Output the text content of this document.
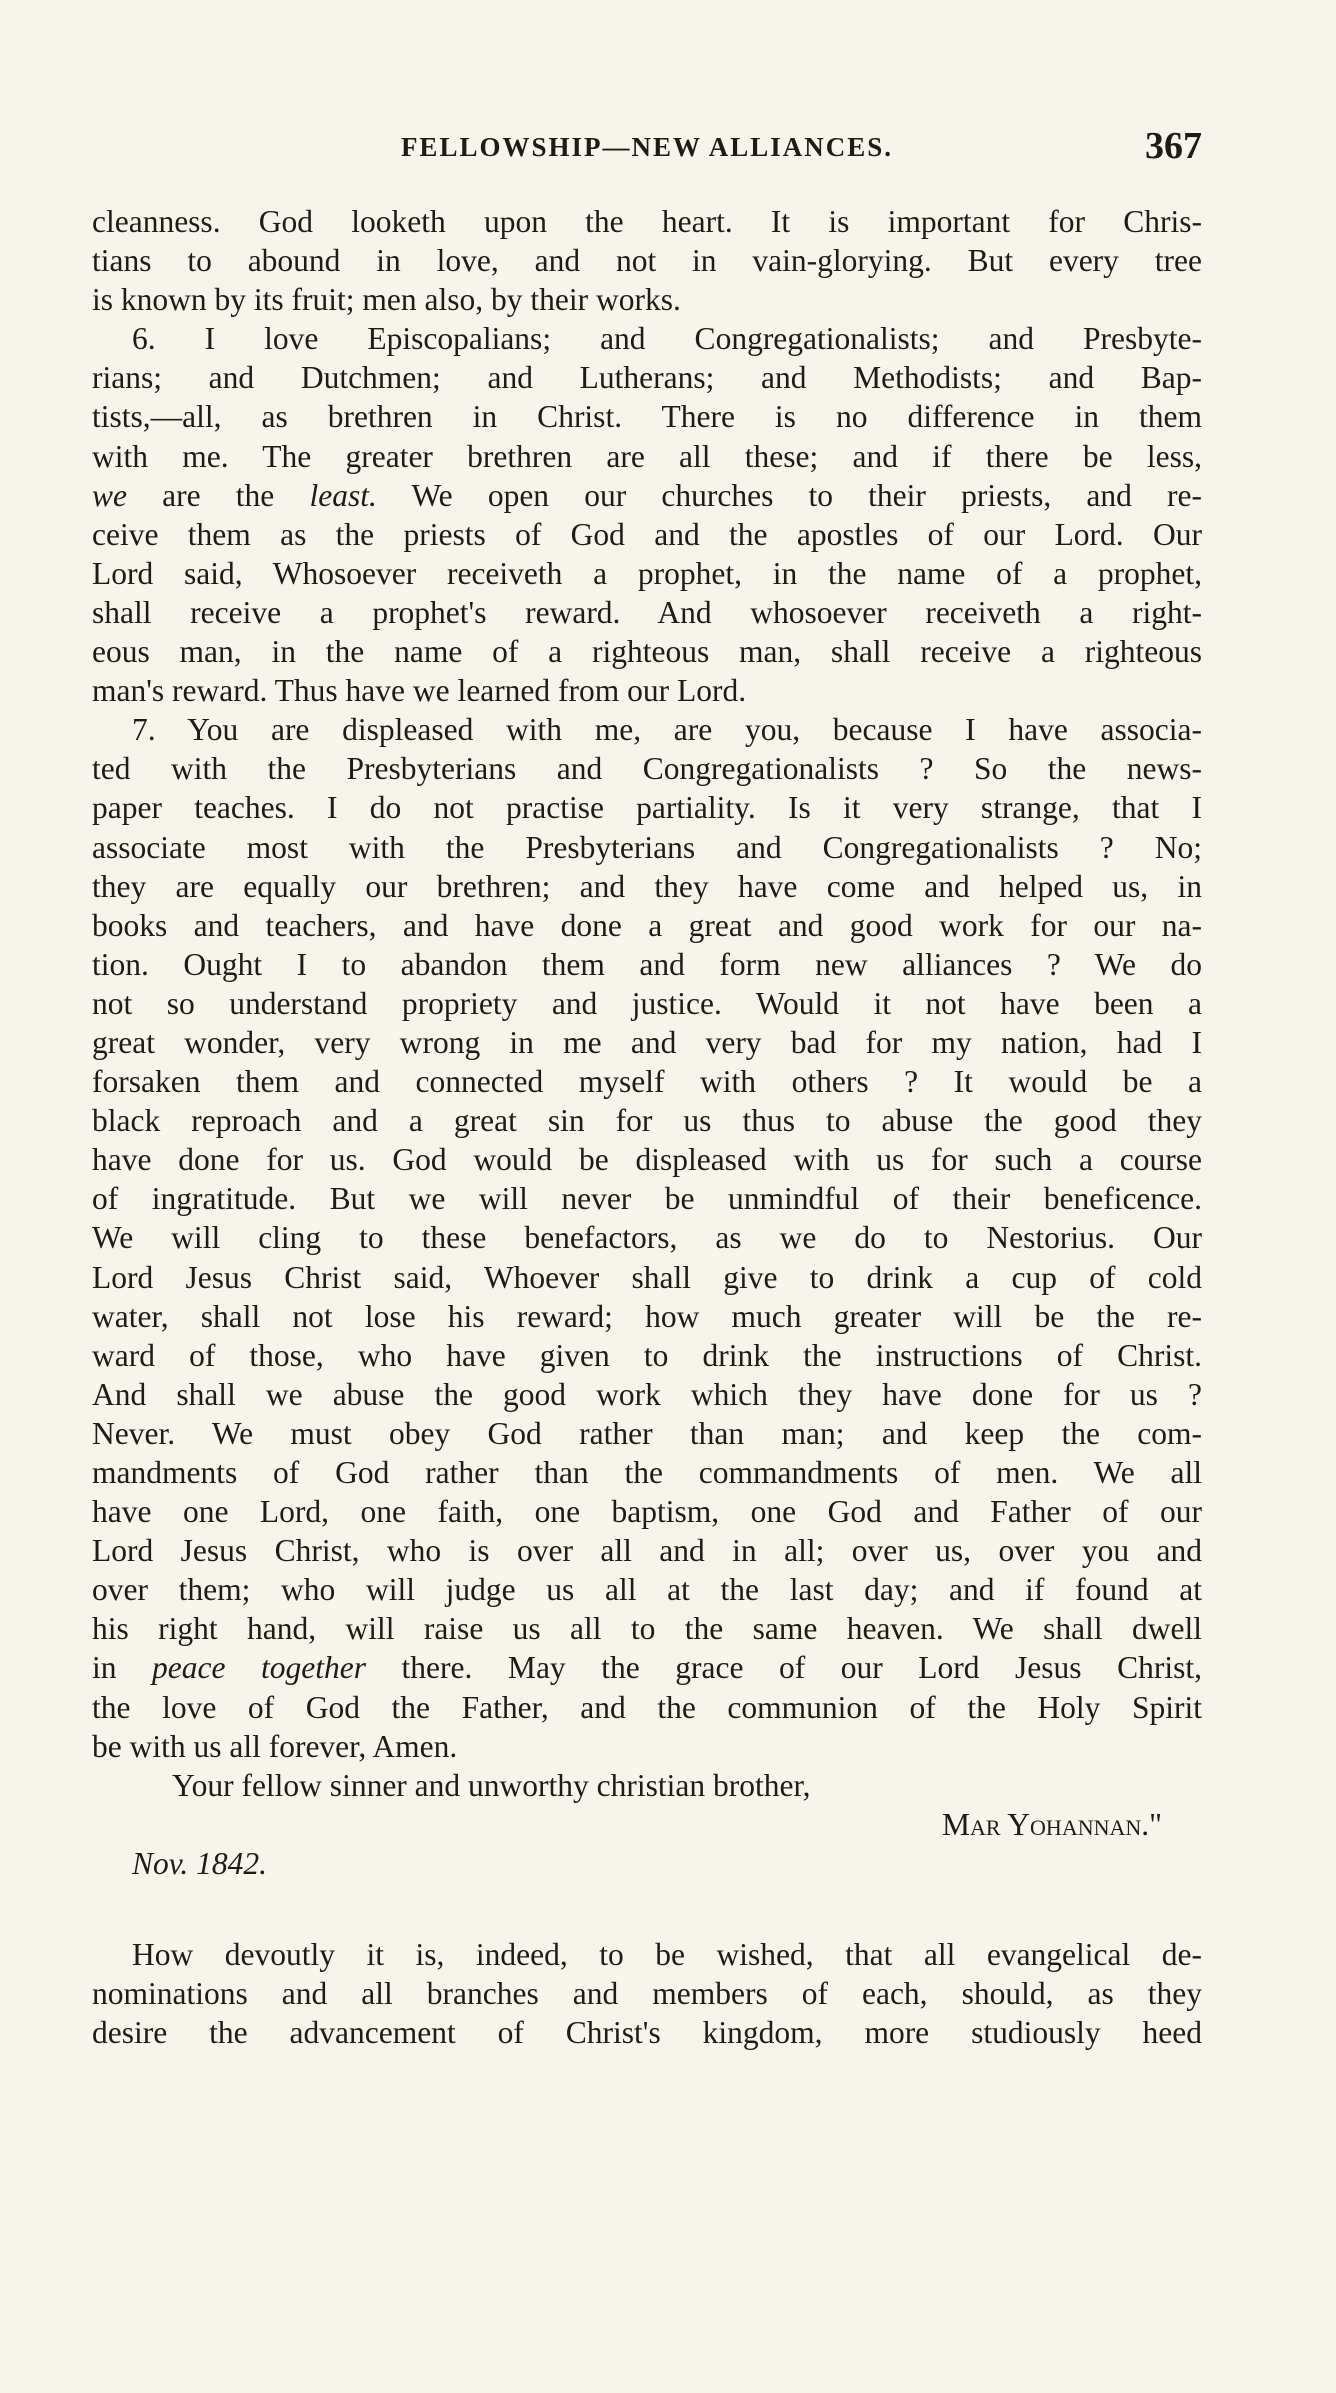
FELLOWSHIP—NEW ALLIANCES.	367
cleanness. God looketh upon the heart. It is important for Chris-
tians to abound in love, and not in vain-glorying. But every tree
is known by its fruit; men also, by their works.
6. I love Episcopalians; and Congregationalists; and Presbyte-
rians; and Dutchmen; and Lutherans; and Methodists; and Bap-
tists,—all, as brethren in Christ. There is no difference in them
with me. The greater brethren are all these; and if there be less,
we are the least. We open our churches to their priests, and re-
ceive them as the priests of God and the apostles of our Lord. Our
Lord said, Whosoever receiveth a prophet, in the name of a prophet,
shall receive a prophet's reward. And whosoever receiveth a right-
eous man, in the name of a righteous man, shall receive a righteous
man's reward. Thus have we learned from our Lord.
7. You are displeased with me, are you, because I have associa-
ted with the Presbyterians and Congregationalists ? So the news-
paper teaches. I do not practise partiality. Is it very strange, that I
associate most with the Presbyterians and Congregationalists ? No;
they are equally our brethren; and they have come and helped us, in
books and teachers, and have done a great and good work for our na-
tion. Ought I to abandon them and form new alliances ? We do
not so understand propriety and justice. Would it not have been a
great wonder, very wrong in me and very bad for my nation, had I
forsaken them and connected myself with others ? It would be a
black reproach and a great sin for us thus to abuse the good they
have done for us. God would be displeased with us for such a course
of ingratitude. But we will never be unmindful of their beneficence.
We will cling to these benefactors, as we do to Nestorius. Our
Lord Jesus Christ said, Whoever shall give to drink a cup of cold
water, shall not lose his reward; how much greater will be the re-
ward of those, who have given to drink the instructions of Christ.
And shall we abuse the good work which they have done for us ?
Never. We must obey God rather than man; and keep the com-
mandments of God rather than the commandments of men. We all
have one Lord, one faith, one baptism, one God and Father of our
Lord Jesus Christ, who is over all and in all; over us, over you and
over them; who will judge us all at the last day; and if found at
his right hand, will raise us all to the same heaven. We shall dwell
in peace together there. May the grace of our Lord Jesus Christ,
the love of God the Father, and the communion of the Holy Spirit
be with us all forever, Amen.
Your fellow sinner and unworthy christian brother,
Mar Yohannan."
Nov. 1842.
How devoutly it is, indeed, to be wished, that all evangelical de-
nominations and all branches and members of each, should, as they
desire the advancement of Christ's kingdom, more studiously heed
